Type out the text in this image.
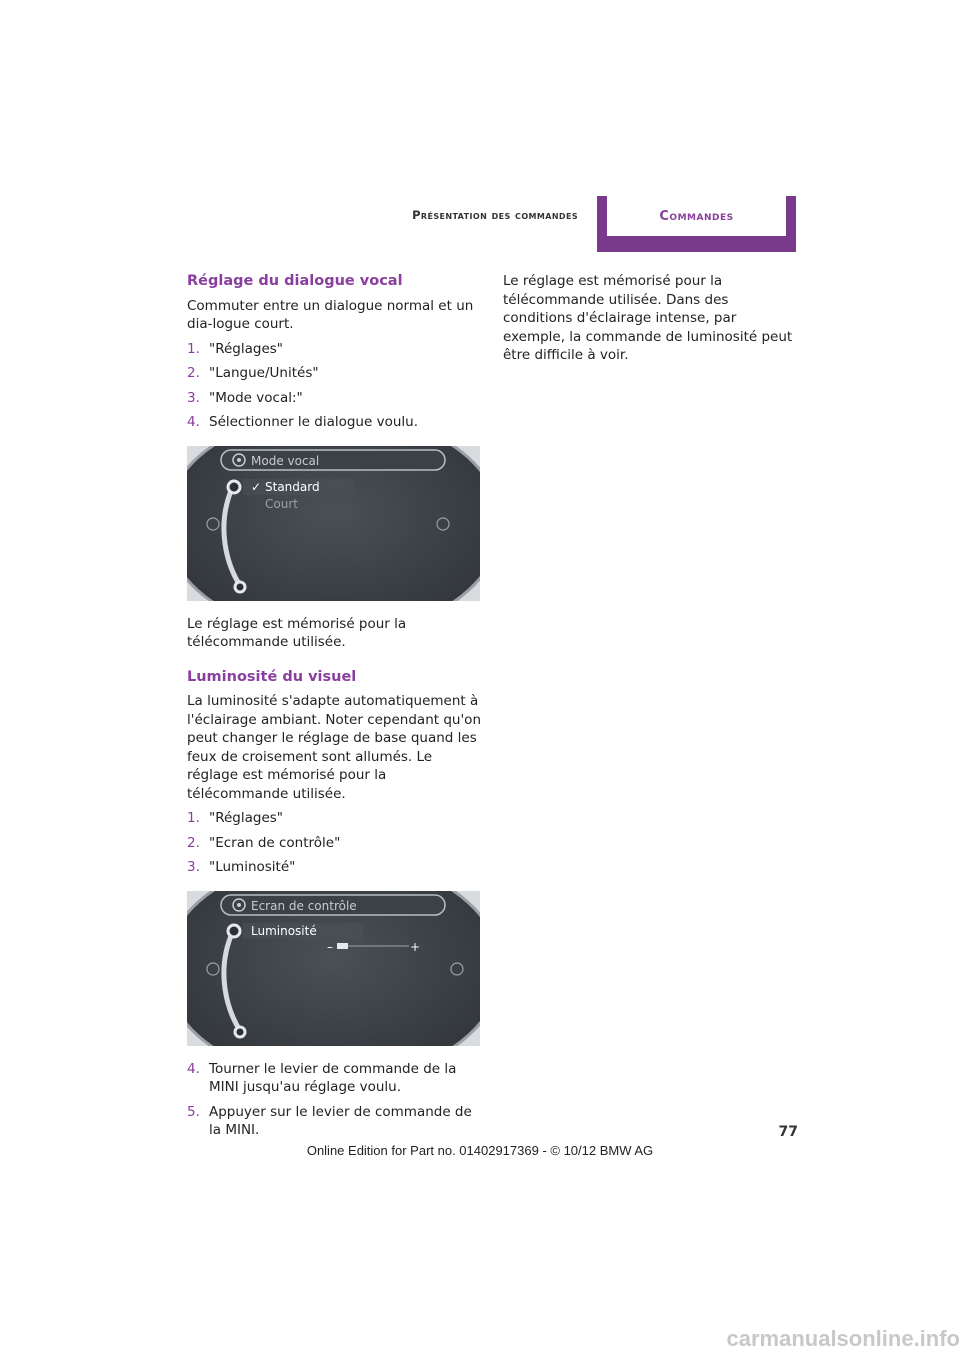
Présentation des commandes	Commandes
Réglage du dialogue vocal

Commuter entre un dialogue normal et un dia-logue court.

1. "Réglages"
2. "Langue/Unités"
3. "Mode vocal:"
4. Sélectionner le dialogue voulu.
Mode vocal
✓ Standard
Court

Le réglage est mémorisé pour la télécommande utilisée.

Luminosité du visuel

La luminosité s'adapte automatiquement à l'éclairage ambiant. Noter cependant qu'on peut changer le réglage de base quand les feux de croisement sont allumés. Le réglage est mémorisé pour la télécommande utilisée.

1. "Réglages"
2. "Ecran de contrôle"
3. "Luminosité"
Ecran de contrôle
Luminosité
–	+
4. Tourner le levier de commande de la MINI jusqu'au réglage voulu.
5. Appuyer sur le levier de commande de la MINI.

Le réglage est mémorisé pour la télécommande utilisée. Dans des conditions d'éclairage intense, par exemple, la commande de luminosité peut être difficile à voir.

77
Online Edition for Part no. 01402917369 - © 10/12 BMW AG
carmanualsonline.info
